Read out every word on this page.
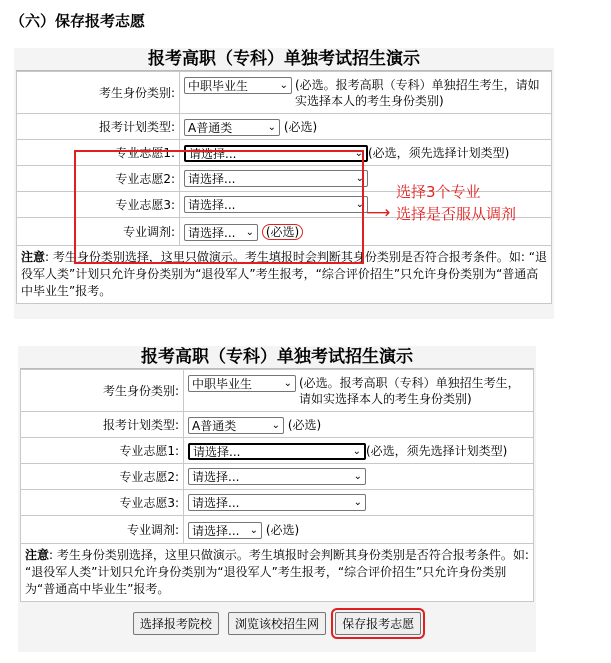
（六）保存报考志愿
报考高职（专科）单独考试招生演示
考生身份类别:	中职毕业生 ⌄ (必选。报考高职（专科）单独招生考生，请如实选择本人的考生身份类别)

报考计划类型:	A普通类 ⌄ (必选)
专业志愿1:	请选择... ⌄ (必选，须先选择计划类型)
专业志愿2:	请选择... ⌄

专业志愿3:	请选择... ⌄

专业调剂:	请选择... ⌄ (必选)
注意: 考生身份类别选择，这里只做演示。考生填报时会判断其身份类别是否符合报考条件。如: “退役军人类”计划只允许身份类别为“退役军人”考生报考，“综合评价招生”只允许身份类别为“普通高中毕业生”报考。
选择3个专业
⟶ 选择是否服从调剂
报考高职（专科）单独考试招生演示
考生身份类别:	中职毕业生 ⌄ (必选。报考高职（专科）单独招生考生，请如实选择本人的考生身份类别)

报考计划类型:	A普通类 ⌄ (必选)
专业志愿1:	请选择... ⌄ (必选，须先选择计划类型)
专业志愿2:	请选择... ⌄

专业志愿3:	请选择... ⌄

专业调剂:	请选择... ⌄ (必选)
注意: 考生身份类别选择，这里只做演示。考生填报时会判断其身份类别是否符合报考条件。如: “退役军人类”计划只允许身份类别为“退役军人”考生报考，“综合评价招生”只允许身份类别为“普通高中毕业生”报考。
选择报考院校 浏览该校招生网 保存报考志愿
